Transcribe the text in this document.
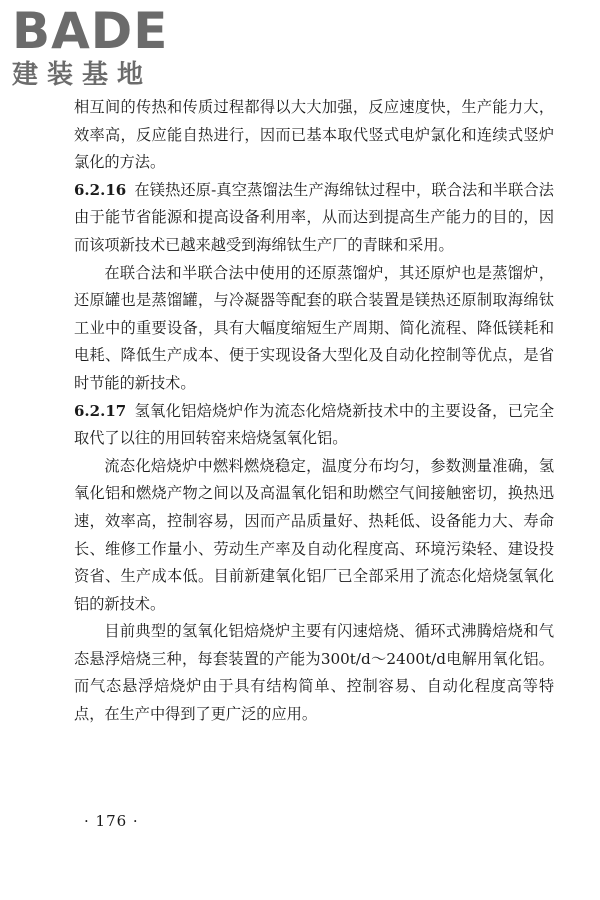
BADE
建装基地

相互间的传热和传质过程都得以大大加强，反应速度快，生产能力大，效率高，反应能自热进行，因而已基本取代竖式电炉氯化和连续式竖炉氯化的方法。

6.2.16 在镁热还原-真空蒸馏法生产海绵钛过程中，联合法和半联合法由于能节省能源和提高设备利用率，从而达到提高生产能力的目的，因而该项新技术已越来越受到海绵钛生产厂的青睐和采用。

在联合法和半联合法中使用的还原蒸馏炉，其还原炉也是蒸馏炉，还原罐也是蒸馏罐，与冷凝器等配套的联合装置是镁热还原制取海绵钛工业中的重要设备，具有大幅度缩短生产周期、简化流程、降低镁耗和电耗、降低生产成本、便于实现设备大型化及自动化控制等优点，是省时节能的新技术。

6.2.17 氢氧化铝焙烧炉作为流态化焙烧新技术中的主要设备，已完全取代了以往的用回转窑来焙烧氢氧化铝。

流态化焙烧炉中燃料燃烧稳定，温度分布均匀，参数测量准确，氢氧化铝和燃烧产物之间以及高温氧化铝和助燃空气间接触密切，换热迅速，效率高，控制容易，因而产品质量好、热耗低、设备能力大、寿命长、维修工作量小、劳动生产率及自动化程度高、环境污染轻、建设投资省、生产成本低。目前新建氧化铝厂已全部采用了流态化焙烧氢氧化铝的新技术。

目前典型的氢氧化铝焙烧炉主要有闪速焙烧、循环式沸腾焙烧和气态悬浮焙烧三种，每套装置的产能为300t/d～2400t/d电解用氧化铝。而气态悬浮焙烧炉由于具有结构简单、控制容易、自动化程度高等特点，在生产中得到了更广泛的应用。

· 176 ·
